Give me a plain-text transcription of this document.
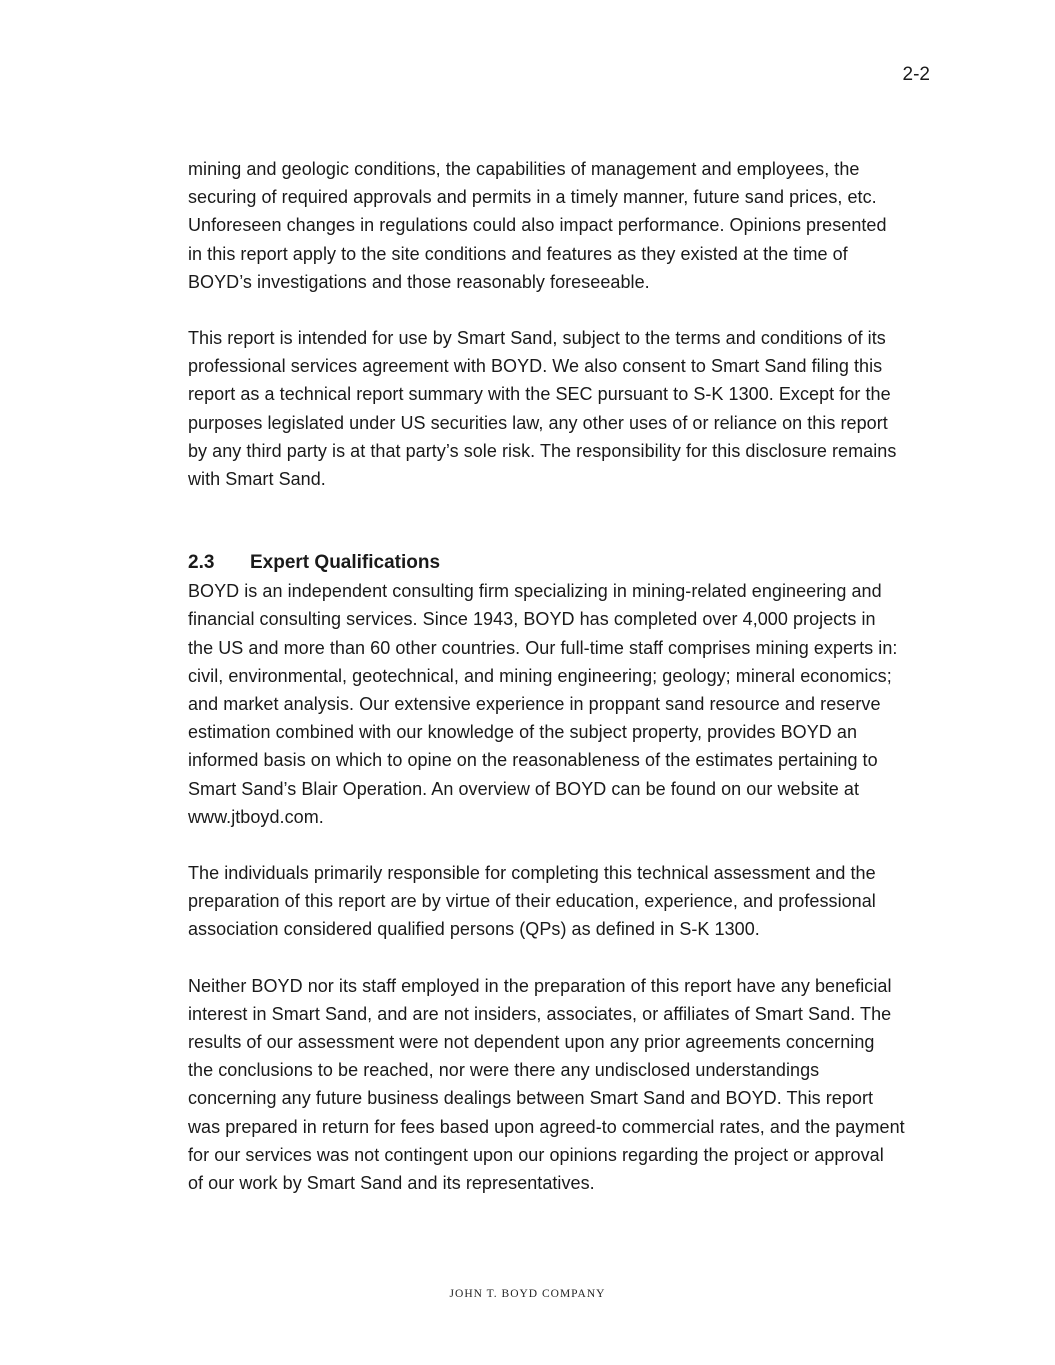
2-2

mining and geologic conditions, the capabilities of management and employees, the
securing of required approvals and permits in a timely manner, future sand prices, etc.
Unforeseen changes in regulations could also impact performance. Opinions presented
in this report apply to the site conditions and features as they existed at the time of
BOYD’s investigations and those reasonably foreseeable.

This report is intended for use by Smart Sand, subject to the terms and conditions of its
professional services agreement with BOYD. We also consent to Smart Sand filing this
report as a technical report summary with the SEC pursuant to S-K 1300. Except for the
purposes legislated under US securities law, any other uses of or reliance on this report
by any third party is at that party’s sole risk. The responsibility for this disclosure remains
with Smart Sand.

2.3	Expert Qualifications

BOYD is an independent consulting firm specializing in mining-related engineering and
financial consulting services. Since 1943, BOYD has completed over 4,000 projects in
the US and more than 60 other countries. Our full-time staff comprises mining experts in:
civil, environmental, geotechnical, and mining engineering; geology; mineral economics;
and market analysis. Our extensive experience in proppant sand resource and reserve
estimation combined with our knowledge of the subject property, provides BOYD an
informed basis on which to opine on the reasonableness of the estimates pertaining to
Smart Sand’s Blair Operation. An overview of BOYD can be found on our website at
www.jtboyd.com.

The individuals primarily responsible for completing this technical assessment and the
preparation of this report are by virtue of their education, experience, and professional
association considered qualified persons (QPs) as defined in S-K 1300.

Neither BOYD nor its staff employed in the preparation of this report have any beneficial
interest in Smart Sand, and are not insiders, associates, or affiliates of Smart Sand. The
results of our assessment were not dependent upon any prior agreements concerning
the conclusions to be reached, nor were there any undisclosed understandings
concerning any future business dealings between Smart Sand and BOYD. This report
was prepared in return for fees based upon agreed-to commercial rates, and the payment
for our services was not contingent upon our opinions regarding the project or approval
of our work by Smart Sand and its representatives.

JOHN T. BOYD COMPANY
